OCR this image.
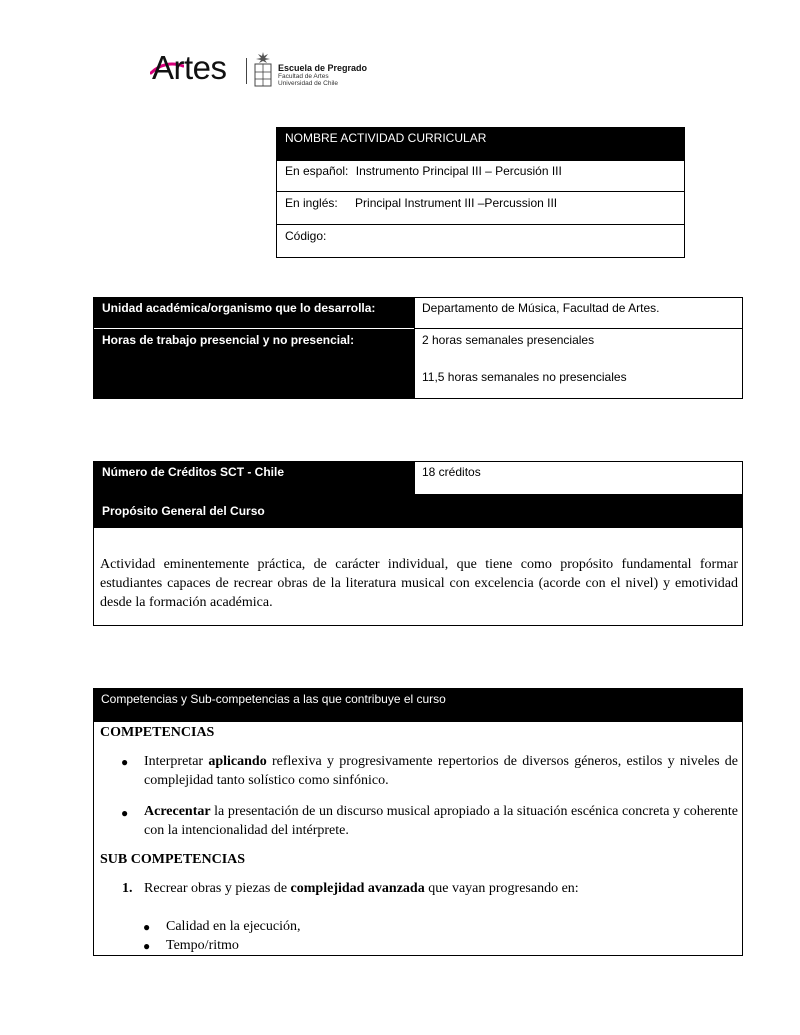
Artes	Escuela de Pregrado
Facultad de Artes
Universidad de Chile
NOMBRE ACTIVIDAD CURRICULAR
En español: Instrumento Principal III – Percusión III
En inglés: Principal Instrument III –Percussion III
Código:
Unidad académica/organismo que lo desarrolla:
Horas de trabajo presencial y no presencial:
Departamento de Música, Facultad de Artes.
2 horas semanales presenciales
11,5 horas semanales no presenciales
Número de Créditos SCT - Chile	18 créditos
Propósito General del Curso
Actividad eminentemente práctica, de carácter individual, que tiene como propósito fundamental formar estudiantes capaces de recrear obras de la literatura musical con excelencia (acorde con el nivel) y emotividad desde la formación académica.
Competencias y Sub-competencias a las que contribuye el curso
COMPETENCIAS
● Interpretar aplicando reflexiva y progresivamente repertorios de diversos géneros, estilos y niveles de complejidad tanto solístico como sinfónico.
● Acrecentar la presentación de un discurso musical apropiado a la situación escénica concreta y coherente con la intencionalidad del intérprete.
SUB COMPETENCIAS
1. Recrear obras y piezas de complejidad avanzada que vayan progresando en:
● Calidad en la ejecución,
● Tempo/ritmo
